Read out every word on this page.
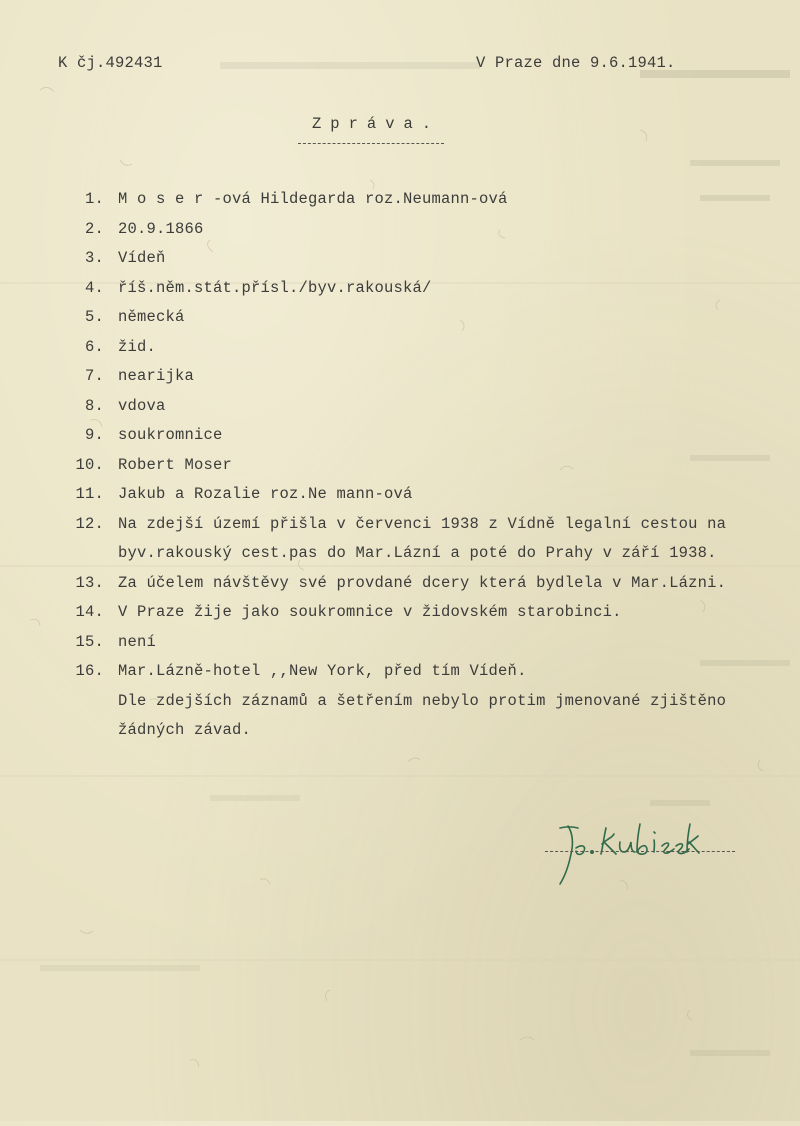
K čj.492431	V Praze dne 9.6.1941.
Zpráva.
1. M o s e r -ová Hildegarda roz.Neumann-ová
2. 20.9.1866
3. Vídeň
4. říš.něm.stát.přísl./byv.rakouská/
5. německá
6. žid.
7. nearijka
8. vdova
9. soukromnice
10. Robert Moser
11. Jakub a Rozalie roz.Ne mann-ová
12. Na zdejší území přišla v červenci 1938 z Vídně legalní cestou na
byv.rakouský cest.pas do Mar.Lázní a poté do Prahy v září 1938.
13. Za účelem návštěvy své provdané dcery která bydlela v Mar.Lázni.
14. V Praze žije jako soukromnice v židovském starobinci.
15. není
16. Mar.Lázně-hotel ,,New York, před tím Vídeň.
Dle zdejších záznamů a šetřením nebylo protim jmenované zjištěno
žádných závad.
Jos. Kubíček
